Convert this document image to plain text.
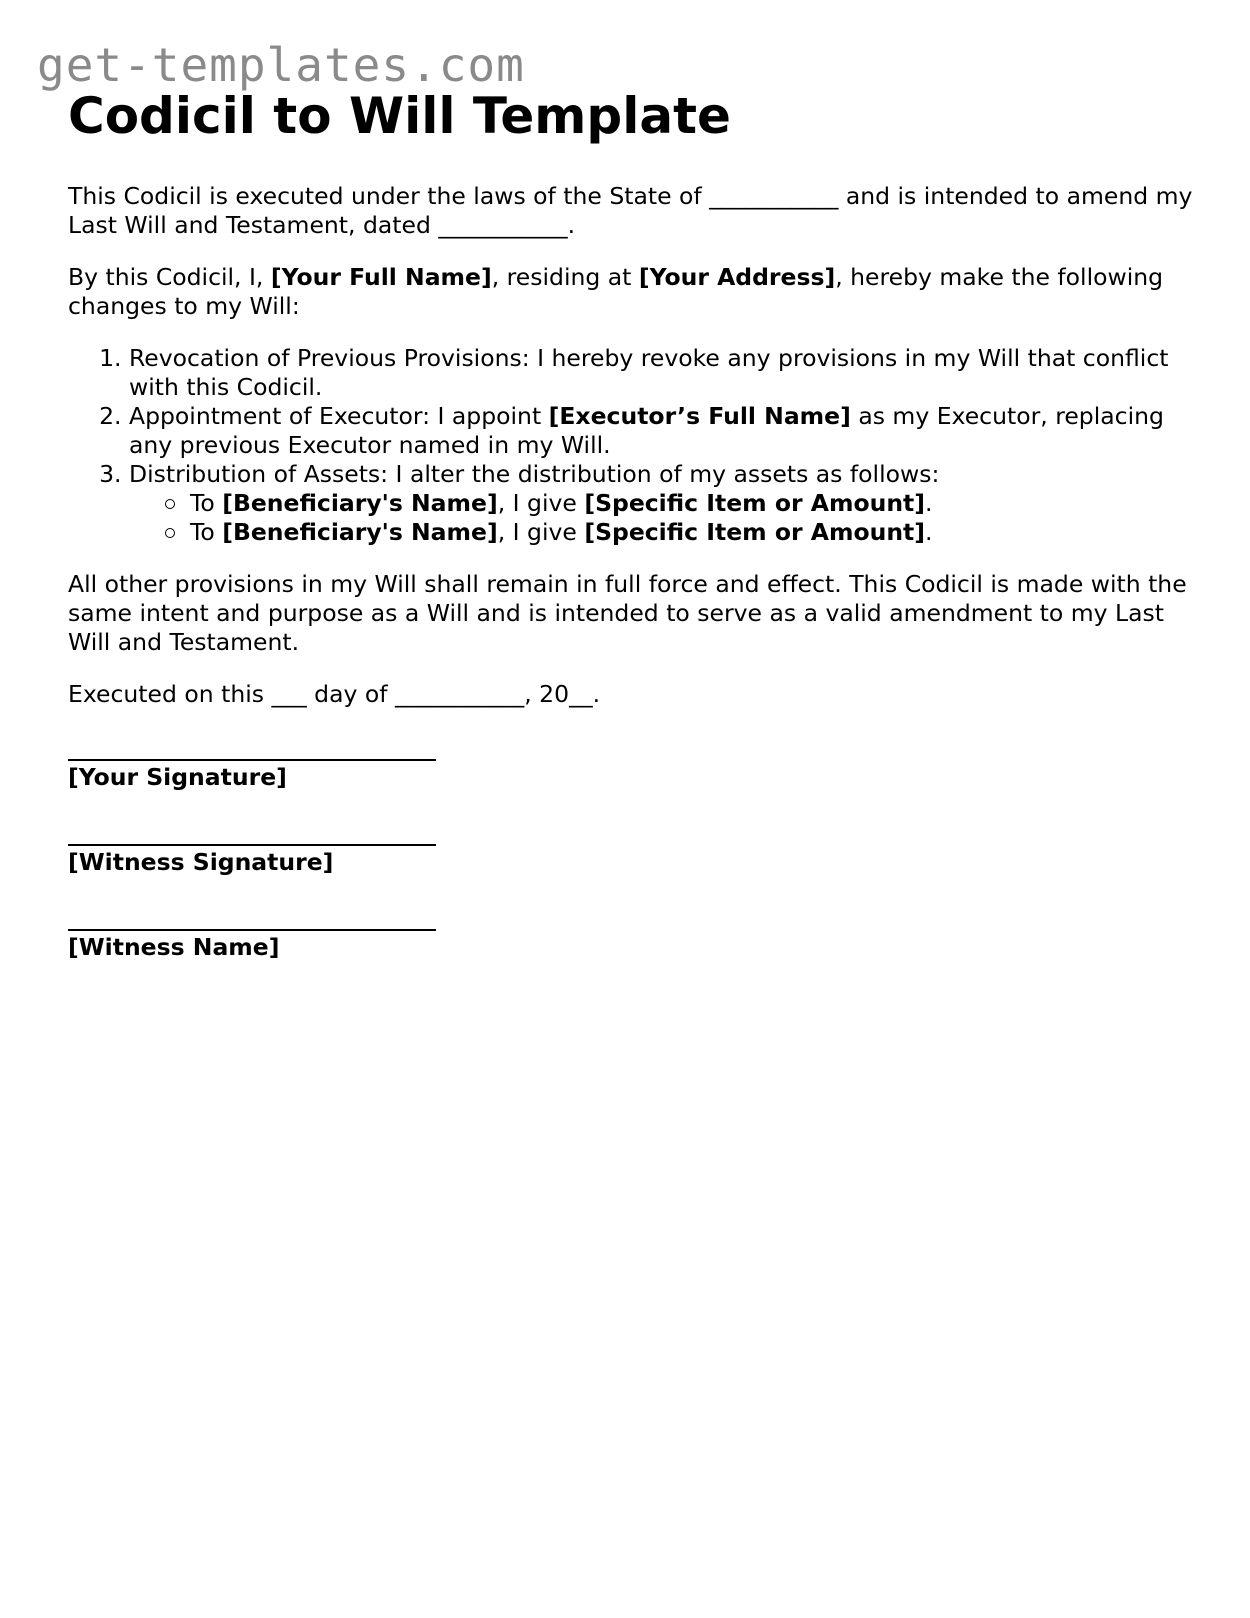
get-templates.com
Codicil to Will Template

This Codicil is executed under the laws of the State of ___________ and is intended to amend my Last Will and Testament, dated ___________.

By this Codicil, I, [Your Full Name], residing at [Your Address], hereby make the following changes to my Will:

1. Revocation of Previous Provisions: I hereby revoke any provisions in my Will that conflict with this Codicil.
2. Appointment of Executor: I appoint [Executor’s Full Name] as my Executor, replacing any previous Executor named in my Will.
3. Distribution of Assets: I alter the distribution of my assets as follows:
To [Beneficiary's Name], I give [Specific Item or Amount].
To [Beneficiary's Name], I give [Specific Item or Amount].

All other provisions in my Will shall remain in full force and effect. This Codicil is made with the same intent and purpose as a Will and is intended to serve as a valid amendment to my Last Will and Testament.

Executed on this ___ day of ___________, 20__.

[Your Signature]
[Witness Signature]
[Witness Name]
